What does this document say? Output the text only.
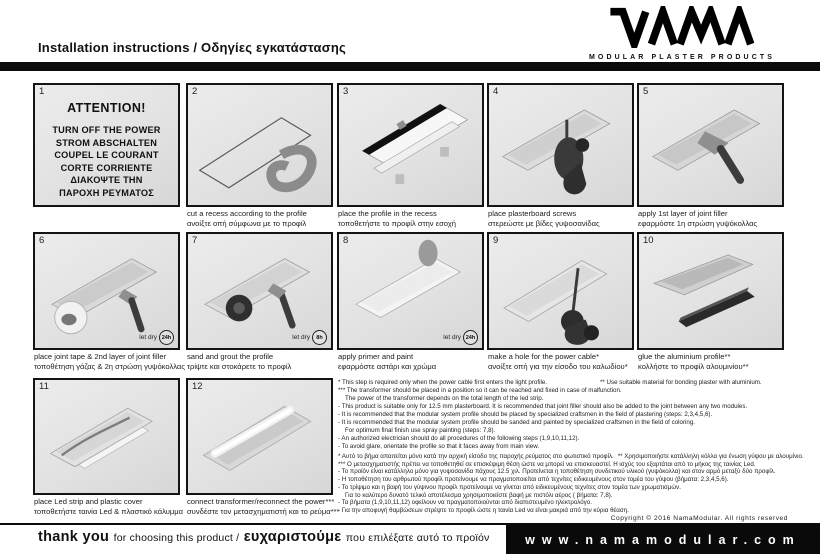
Installation instructions / Οδηγίες εγκατάστασης
MODULAR PLASTER PRODUCTS
1
ATTENTION!
TURN OFF THE POWER
STROM ABSCHALTEN
COUPEL LE COURANT
CORTE CORRIENTE
ΔΙΑΚΟΨΤΕ ΤΗΝ
ΠΑΡΟΧΗ ΡΕΥΜΑΤΟΣ
2	3	4	5
cut a recess according to the profile
ανοίξτε οπή σύμφωνα με το προφίλ
place the profile in the recess
τοποθετήστε το προφίλ στην εσοχή
place plasterboard screws
στερεώστε με βίδες γυψοσανίδας
apply 1st layer of joint filler
εφαρμόστε 1η στρώση γυψόκολλας
6
let dry 24h
7
let dry	8h
8
let dry 24h
9	10
place joint tape & 2nd layer of joint filler
τοποθέτηση γάζας & 2η στρώση γυψόκολλας
sand and grout the profile
τρίψτε και στοκάρετε το προφίλ
apply primer and paint
εφαρμόστε αστάρι και χρώμα
make a hole for the power cable*
ανοίξτε οπή για την είσοδο του καλωδίου*
glue the aluminium profile**
κολλήστε το προφίλ αλουμινίου**
11	12
place Led strip and plastic cover
τοποθετήστε ταινία Led & πλαστικό κάλυμμα
connect transformer/reconnect the power***
συνδέστε τον μετασχηματιστή και το ρεύμα***
* This step is required only when the power cable first enters the light profile.	** Use suitable material for bonding plaster with aluminium.
*** The transformer should be placed in a position so it can be reached and fixed in case of malfunction.
The power of the transformer depends on the total length of the led strip.
- This product is suitable only for 12.5 mm plasterboard. It is recommended that joint filler should also be added to the joint between any two modules.
- It is recommended that the modular system profile should be placed by specialized craftsmen in the field of plastering (steps: 2,3,4,5,6).
- It is recommended that the modular system profile should be sanded and painted by specialized craftsmen in the field of coloring.
For optimum final finish use spray painting (steps: 7,8).
- An authorized electrician should do all procedures of the following steps (1,9,10,11,12).
- To avoid glare, orientate the profile so that it faces away from main view.
* Αυτό το βήμα απαιτείται μόνο κατά την αρχική είσοδο της παροχής ρεύματος στο φωτιστικό προφίλ. ** Χρησιμοποιήστε κατάλληλη κόλλα για ένωση γύψου με αλουμίνιο.
*** Ο μετασχηματιστής πρέπει να τοποθετηθεί σε επισκέψιμη θέση ώστε να μπορεί να επισκευαστεί. Η ισχύς του εξαρτάται από το μήκος της ταινίας Led.
- Το προϊόν είναι κατάλληλο μόνο για γυψοσανίδα πάχους 12.5 χιλ. Προτείνεται η τοποθέτηση συνδετικού υλικού (γυψόκολλα) και στον αρμό μεταξύ δύο προφίλ.
- Η τοποθέτηση του αρθρωτού προφίλ προτείνουμε να πραγματοποιείται από τεχνίτες ειδικευμένους στον τομέα του γύψου (βήματα: 2,3,4,5,6).
- Το τρίψιμο και η βαφή του γύψινου προφίλ προτείνουμε να γίνεται από ειδικευμένους τεχνίτες στον τομέα των χρωματισμών.
Για το καλύτερο δυνατό τελικό αποτέλεσμα χρησιμοποιείστε βαφή με πιστόλι αέρος ( βήματα: 7,8).
- Τα βήματα (1,9,10,11,12) οφείλουν να πραγματοποιούνται από διαπιστευμένο ηλεκτρολόγο.
- Για την αποφυγή θαμβώσεων στρέψτε το προφίλ ώστε η ταινία Led να είναι μακριά από την κύρια θέαση.
Copyright © 2016 NamaModular. All rights reserved
thank you for choosing this product / ευχαριστούμε που επιλέξατε αυτό το προϊόν	www.namamodular.com
